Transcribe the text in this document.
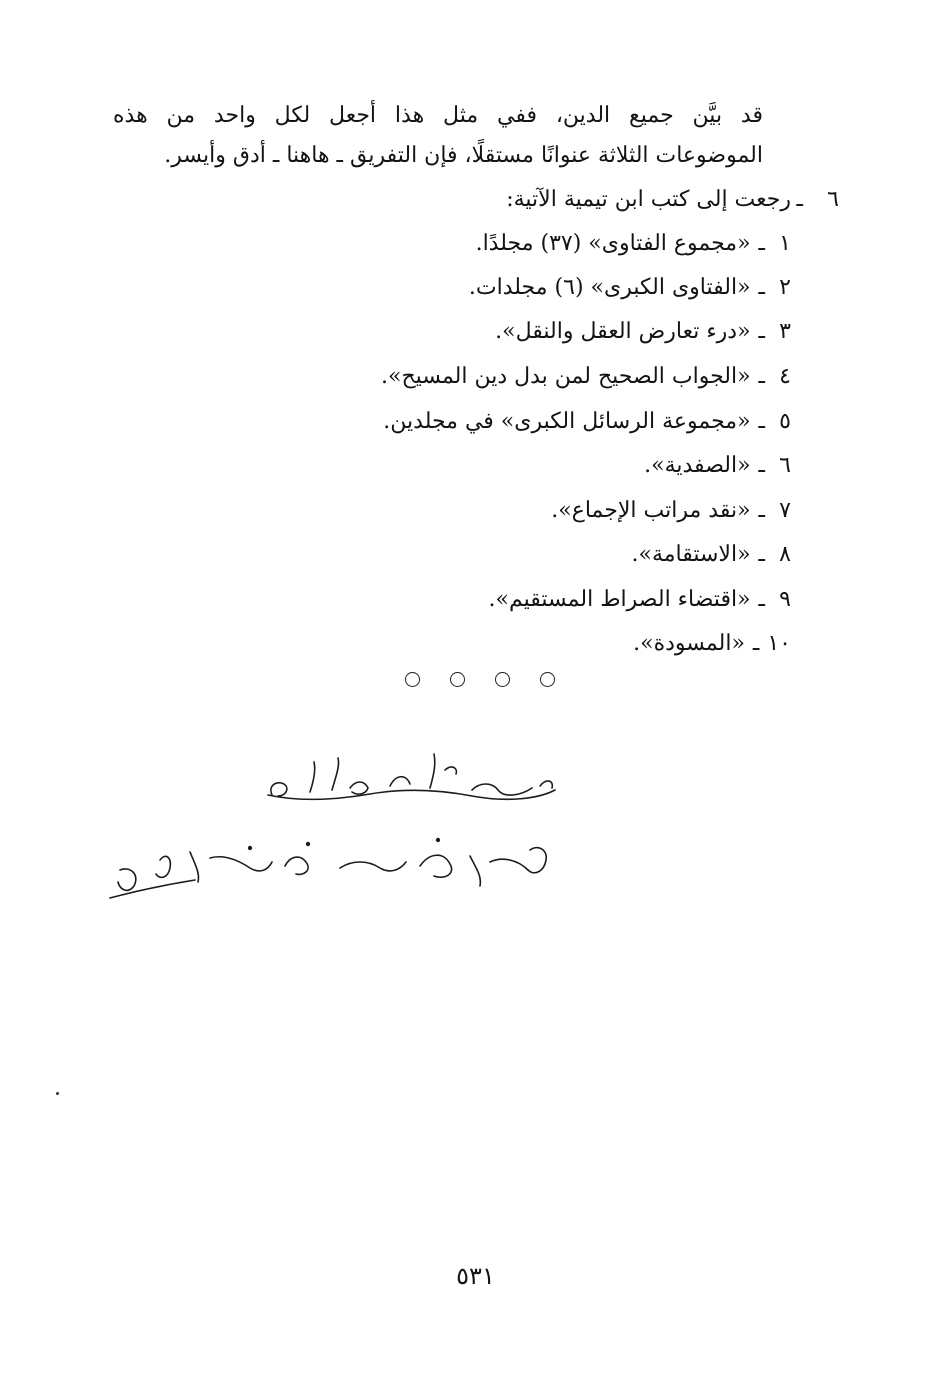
قد بيَّن جميع الدين، ففي مثل هذا أجعل لكل واحد من هذه
الموضوعات الثلاثة عنوانًا مستقلًا، فإن التفريق ـ هاهنا ـ أدق وأيسر.
٦
ـ
رجعت إلى كتب ابن تيمية الآتية:
١ـ«مجموع الفتاوى» (٣٧) مجلدًا.
٢ـ«الفتاوى الكبرى» (٦) مجلدات.
٣ـ«درء تعارض العقل والنقل».
٤ـ«الجواب الصحيح لمن بدل دين المسيح».
٥ـ«مجموعة الرسائل الكبرى» في مجلدين.
٦ـ«الصفدية».
٧ـ«نقد مراتب الإجماع».
٨ـ«الاستقامة».
٩ـ«اقتضاء الصراط المستقيم».
١٠ـ«المسودة».
٥٣١
